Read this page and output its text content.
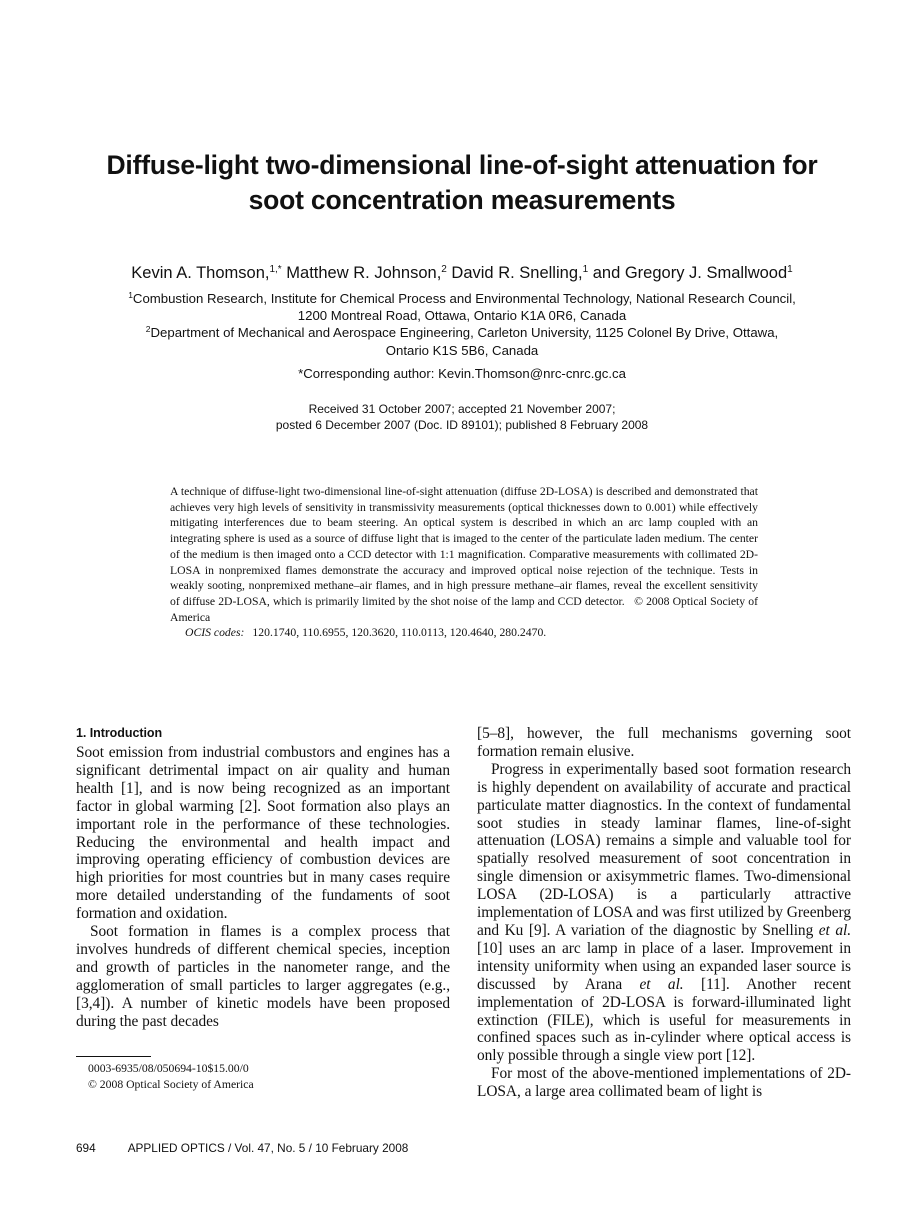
Diffuse-light two-dimensional line-of-sight attenuation for
soot concentration measurements
Kevin A. Thomson,$^{1,*}$ Matthew R. Johnson,$^2$ David R. Snelling,$^1$ and Gregory J. Smallwood$^1$
$^1$Combustion Research, Institute for Chemical Process and Environmental Technology, National Research Council,
1200 Montreal Road, Ottawa, Ontario K1A 0R6, Canada
$^2$Department of Mechanical and Aerospace Engineering, Carleton University, 1125 Colonel By Drive, Ottawa,
Ontario K1S 5B6, Canada
*Corresponding author: Kevin.Thomson@nrc-cnrc.gc.ca
Received 31 October 2007; accepted 21 November 2007;
posted 6 December 2007 (Doc. ID 89101); published 8 February 2008

A technique of diffuse-light two-dimensional line-of-sight attenuation (diffuse 2D-LOSA) is described and demonstrated that achieves very high levels of sensitivity in transmissivity measurements (optical thicknesses down to 0.001) while effectively mitigating interferences due to beam steering. An optical system is described in which an arc lamp coupled with an integrating sphere is used as a source of diffuse light that is imaged to the center of the particulate laden medium. The center of the medium is then imaged onto a CCD detector with 1:1 magnification. Comparative measurements with collimated 2D-LOSA in nonpremixed flames demonstrate the accuracy and improved optical noise rejection of the technique. Tests in weakly sooting, nonpremixed methane–air flames, and in high pressure methane–air flames, reveal the excellent sensitivity of diffuse 2D-LOSA, which is primarily limited by the shot noise of the lamp and CCD detector. © 2008 Optical Society of America

OCIS codes: 120.1740, 110.6955, 120.3620, 110.0113, 120.4640, 280.2470.

1. Introduction

Soot emission from industrial combustors and engines has a significant detrimental impact on air quality and human health [1], and is now being recognized as an important factor in global warming [2]. Soot formation also plays an important role in the performance of these technologies. Reducing the environmental and health impact and improving operating efficiency of combustion devices are high priorities for most countries but in many cases require more detailed understanding of the fundaments of soot formation and oxidation.

Soot formation in flames is a complex process that involves hundreds of different chemical species, inception and growth of particles in the nanometer range, and the agglomeration of small particles to larger aggregates (e.g., [3,4]). A number of kinetic models have been proposed during the past decades

[5–8], however, the full mechanisms governing soot formation remain elusive.

Progress in experimentally based soot formation research is highly dependent on availability of accurate and practical particulate matter diagnostics. In the context of fundamental soot studies in steady laminar flames, line-of-sight attenuation (LOSA) remains a simple and valuable tool for spatially resolved measurement of soot concentration in single dimension or axisymmetric flames. Two-dimensional LOSA (2D-LOSA) is a particularly attractive implementation of LOSA and was first utilized by Greenberg and Ku [9]. A variation of the diagnostic by Snelling et al. [10] uses an arc lamp in place of a laser. Improvement in intensity uniformity when using an expanded laser source is discussed by Arana et al. [11]. Another recent implementation of 2D-LOSA is forward-illuminated light extinction (FILE), which is useful for measurements in confined spaces such as in-cylinder where optical access is only possible through a single view port [12].

For most of the above-mentioned implementations of 2D-LOSA, a large area collimated beam of light is

0003-6935/08/050694-10$15.00/0
© 2008 Optical Society of America
694	APPLIED OPTICS / Vol. 47, No. 5 / 10 February 2008
